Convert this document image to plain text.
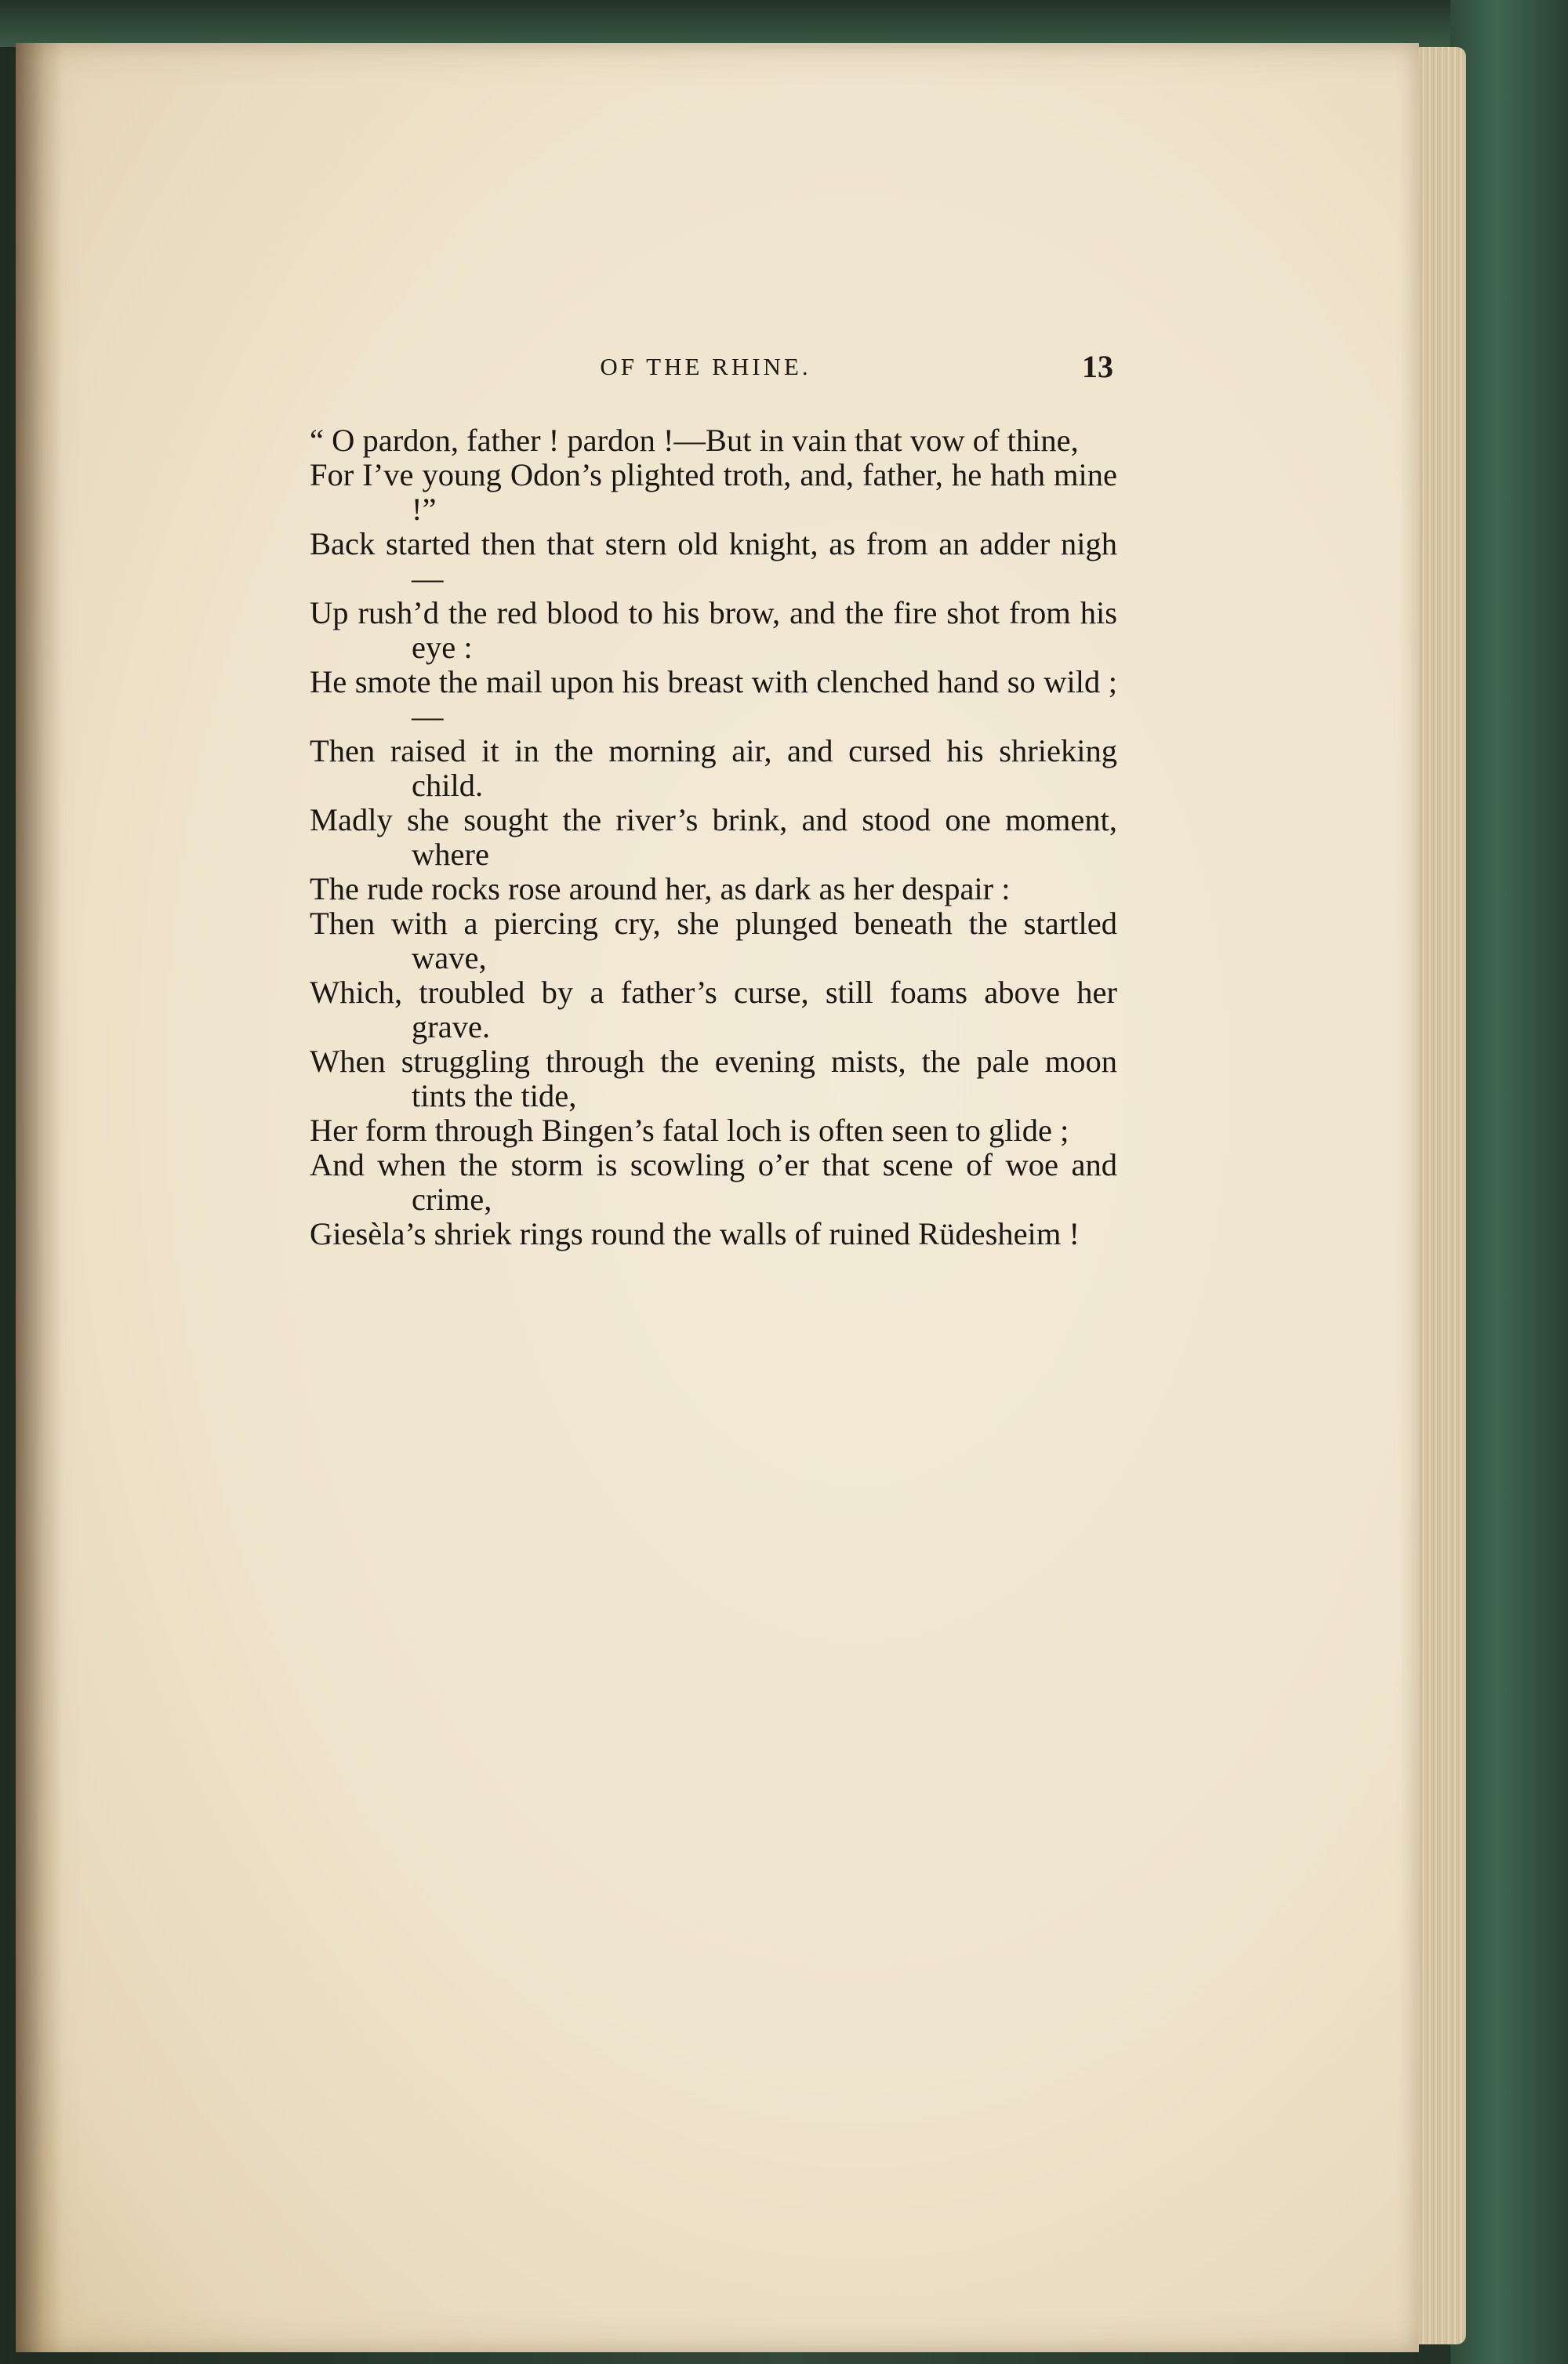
OF THE RHINE.	13

“ O pardon, father ! pardon !—But in vain that vow of thine,

For I’ve young Odon’s plighted troth, and, father, he hath mine !”

Back started then that stern old knight, as from an adder nigh—

Up rush’d the red blood to his brow, and the fire shot from his eye :

He smote the mail upon his breast with clenched hand so wild ;—

Then raised it in the morning air, and cursed his shrieking child.

Madly she sought the river’s brink, and stood one moment, where

The rude rocks rose around her, as dark as her despair :

Then with a piercing cry, she plunged beneath the startled wave,

Which, troubled by a father’s curse, still foams above her grave.

When struggling through the evening mists, the pale moon tints the tide,

Her form through Bingen’s fatal loch is often seen to glide ;

And when the storm is scowling o’er that scene of woe and crime,

Giesèla’s shriek rings round the walls of ruined Rüdesheim !
